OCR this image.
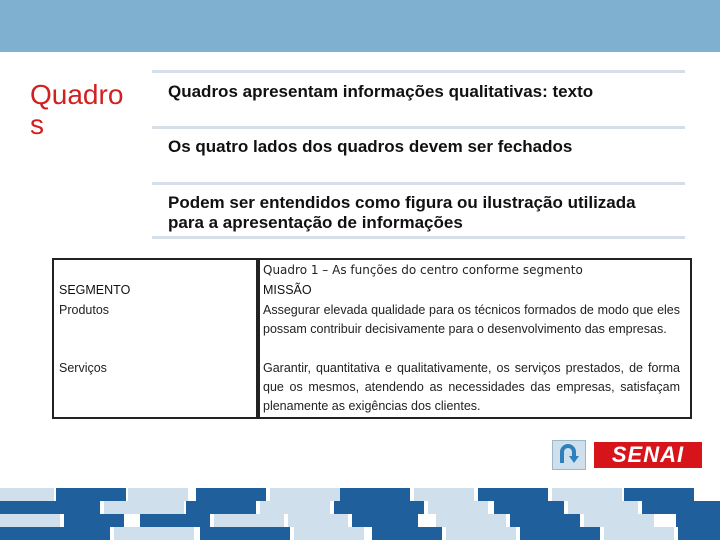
Quadro s
Quadros apresentam informações qualitativas: texto
Os quatro lados dos quadros devem ser fechados
Podem ser entendidos como figura ou ilustração utilizada para a apresentação de informações
Quadro 1 – As funções do centro conforme segmento
SEGMENTO	MISSÃO
Produtos	Assegurar elevada qualidade para os técnicos formados de modo que eles possam contribuir decisivamente para o desenvolvimento das empresas.
Serviços	Garantir, quantitativa e qualitativamente, os serviços prestados, de forma que os mesmos, atendendo as necessidades das empresas, satisfaçam plenamente as exigências dos clientes.
SENAI
